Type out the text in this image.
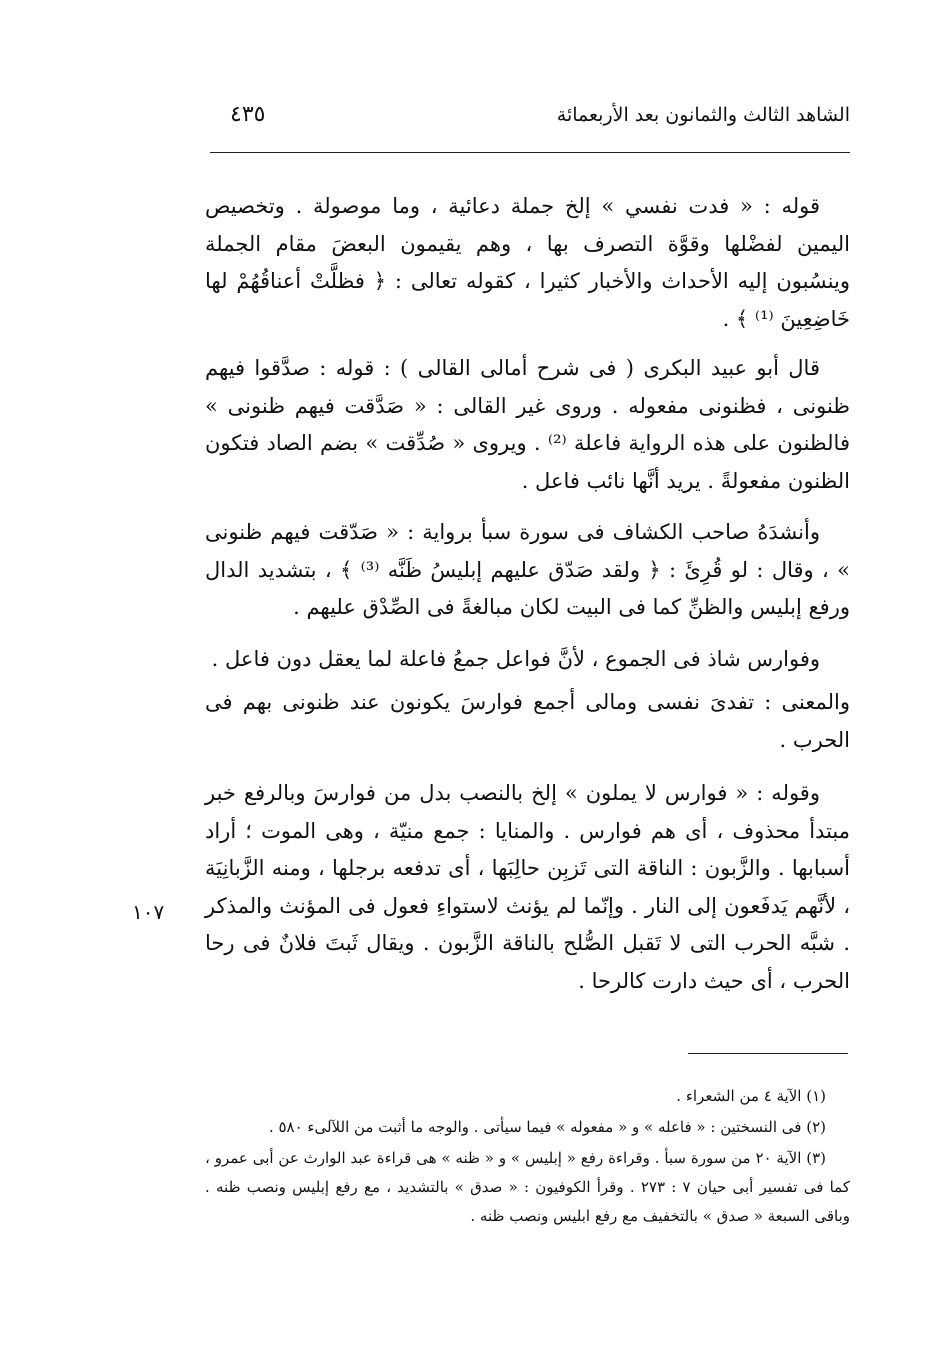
الشاهد الثالث والثمانون بعد الأربعمائة
٤٣٥

قوله : « فدت نفسي » إلخ جملة دعائية ، وما موصولة . وتخصيص اليمين لفضْلها وقوَّة التصرف بها ، وهم يقيمون البعضَ مقام الجملة وينسُبون إليه الأحداث والأخبار كثيرا ، كقوله تعالى : ﴿ فظلَّتْ أعناقُهُمْ لها خَاضِعِينَ ⁽¹⁾ ﴾ .

قال أبو عبيد البكرى ( فى شرح أمالى القالى ) : قوله : صدَّقوا فيهم ظنونى ، فظنونى مفعوله . وروى غير القالى : « صَدَّقت فيهم ظنونى » فالظنون على هذه الرواية فاعلة ⁽²⁾ . ويروى « صُدِّقت » بضم الصاد فتكون الظنون مفعولةً . يريد أنَّها نائب فاعل .

وأنشدَهُ صاحب الكشاف فى سورة سبأ برواية : « صَدّقت فيهم ظنونى » ، وقال : لو قُرِئَ : ﴿ ولقد صَدّق عليهم إبليسُ ظَنَّه ⁽³⁾ ﴾ ، بتشديد الدال ورفع إبليس والظنِّ كما فى البيت لكان مبالغةً فى الصِّدْق عليهم .

وفوارس شاذ فى الجموع ، لأنَّ فواعل جمعُ فاعلة لما يعقل دون فاعل .

والمعنى : تفدىَ نفسى ومالى أجمع فوارسَ يكونون عند ظنونى بهم فى الحرب .

وقوله : « فوارس لا يملون » إلخ بالنصب بدل من فوارسَ وبالرفع خبر مبتدأ محذوف ، أى هم فوارس . والمنايا : جمع منيّة ، وهى الموت ؛ أراد أسبابها . والزَّبون : الناقة التى تَزبِن حالِبَها ، أى تدفعه برجلها ، ومنه الزَّبانِيَة ، لأنَّهم يَدفَعون إلى النار . وإنّما لم يؤنث لاستواءِ فعول فى المؤنث والمذكر . شبَّه الحرب التى لا تَقبل الصُّلح بالناقة الزَّبون . ويقال ثَبتَ فلانٌ فى رحا الحرب ، أى حيث دارت كالرحا .

١٠٧

(١) الآية ٤ من الشعراء .

(٢) فى النسختين : « فاعله » و « مفعوله » فيما سيأتى . والوجه ما أثبت من اللآلىء ٥٨٠ .

(٣) الآية ٢٠ من سورة سبأ . وقراءة رفع « إبليس » و « ظنه » هى قراءة عبد الوارث عن أبى عمرو ، كما فى تفسير أبى حيان ٧ : ٢٧٣ . وقرأ الكوفيون : « صدق » بالتشديد ، مع رفع إبليس ونصب ظنه . وباقى السبعة « صدق » بالتخفيف مع رفع ابليس ونصب ظنه .
